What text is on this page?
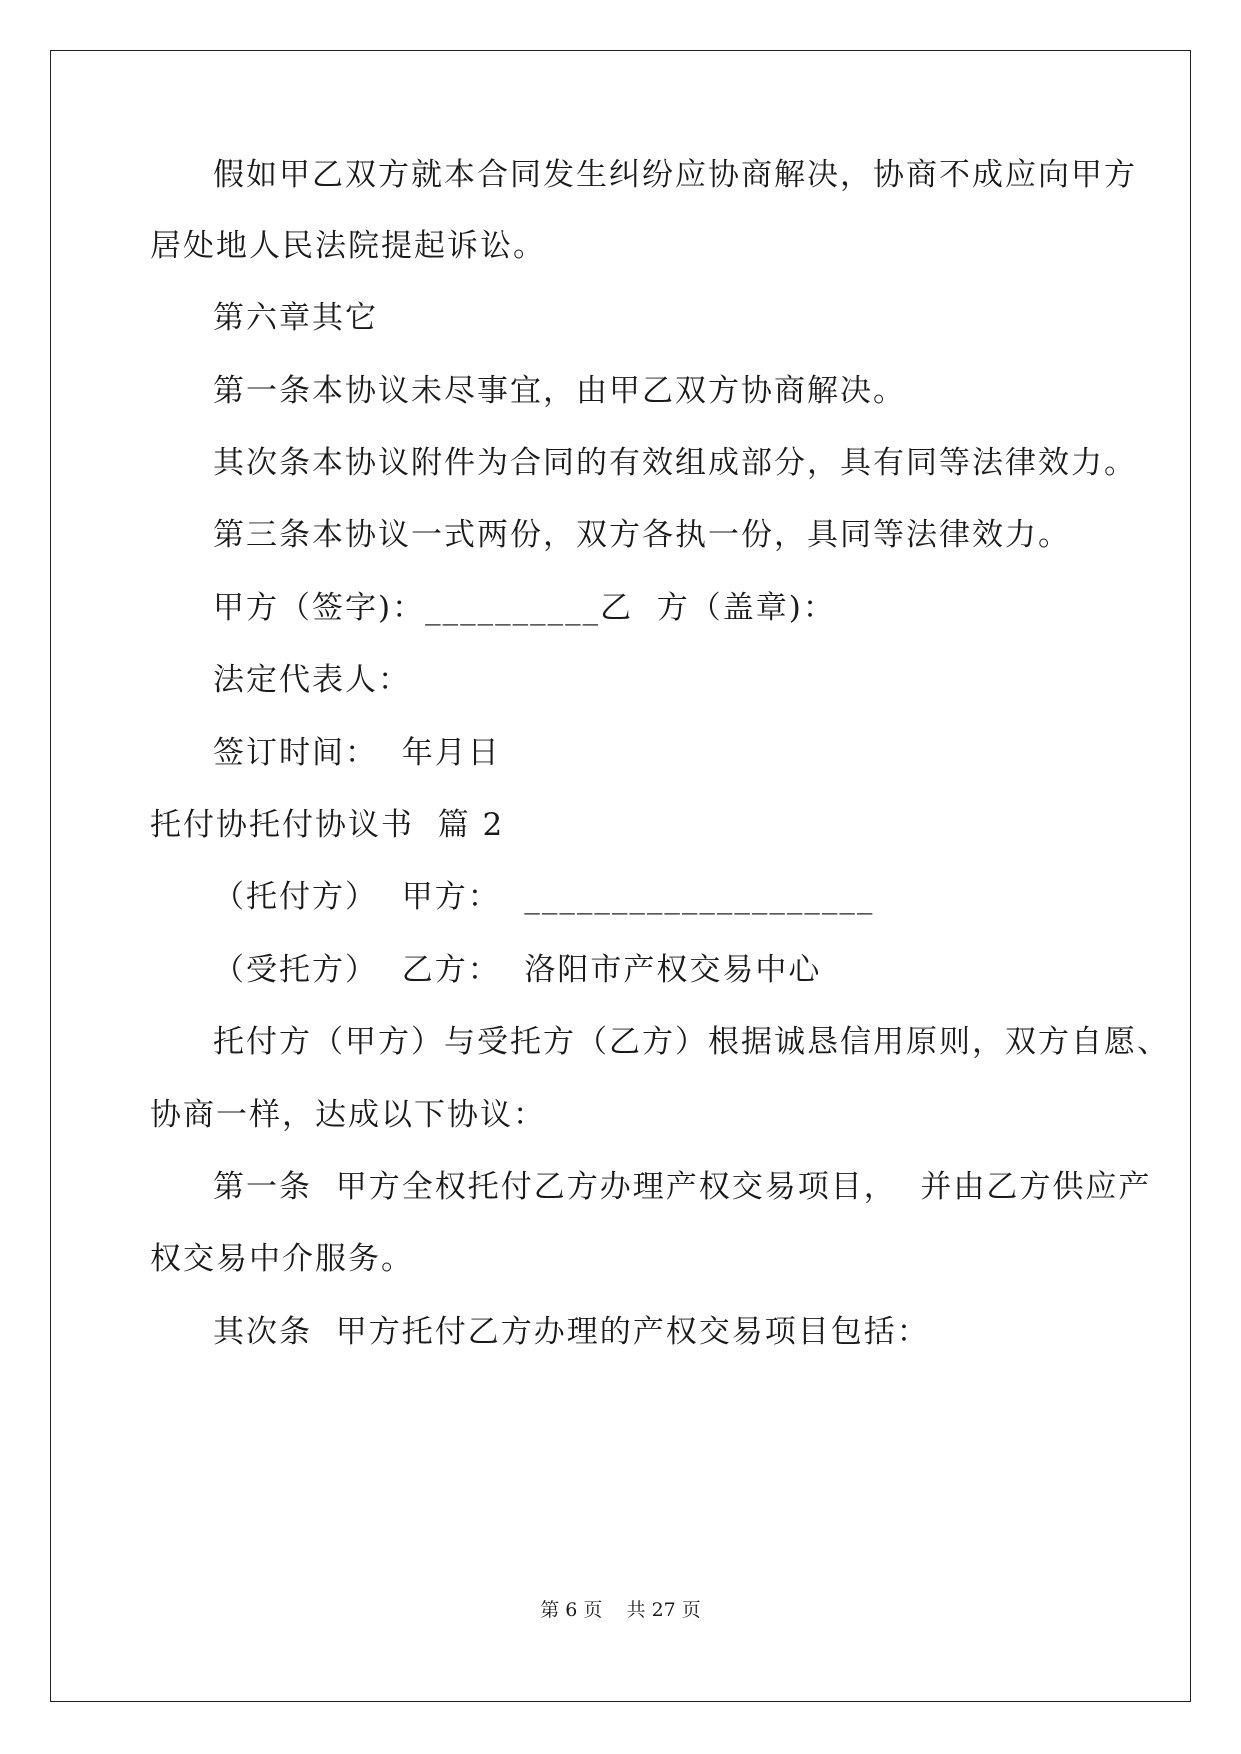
假如甲乙双方就本合同发生纠纷应协商解决，协商不成应向甲方
居处地人民法院提起诉讼。
第六章其它
第一条本协议未尽事宜，由甲乙双方协商解决。
其次条本协议附件为合同的有效组成部分，具有同等法律效力。
第三条本协议一式两份，双方各执一份，具同等法律效力。
甲方（签字)：__________乙  方（盖章)：
法定代表人：
签订时间：  年月日
托付协托付协议书  篇 2
（托付方）  甲方：  ____________________
（受托方）  乙方：  洛阳市产权交易中心
托付方（甲方）与受托方（乙方）根据诚恳信用原则，双方自愿、
协商一样，达成以下协议：
第一条  甲方全权托付乙方办理产权交易项目，  并由乙方供应产
权交易中介服务。
其次条  甲方托付乙方办理的产权交易项目包括：
第 6 页    共 27 页
